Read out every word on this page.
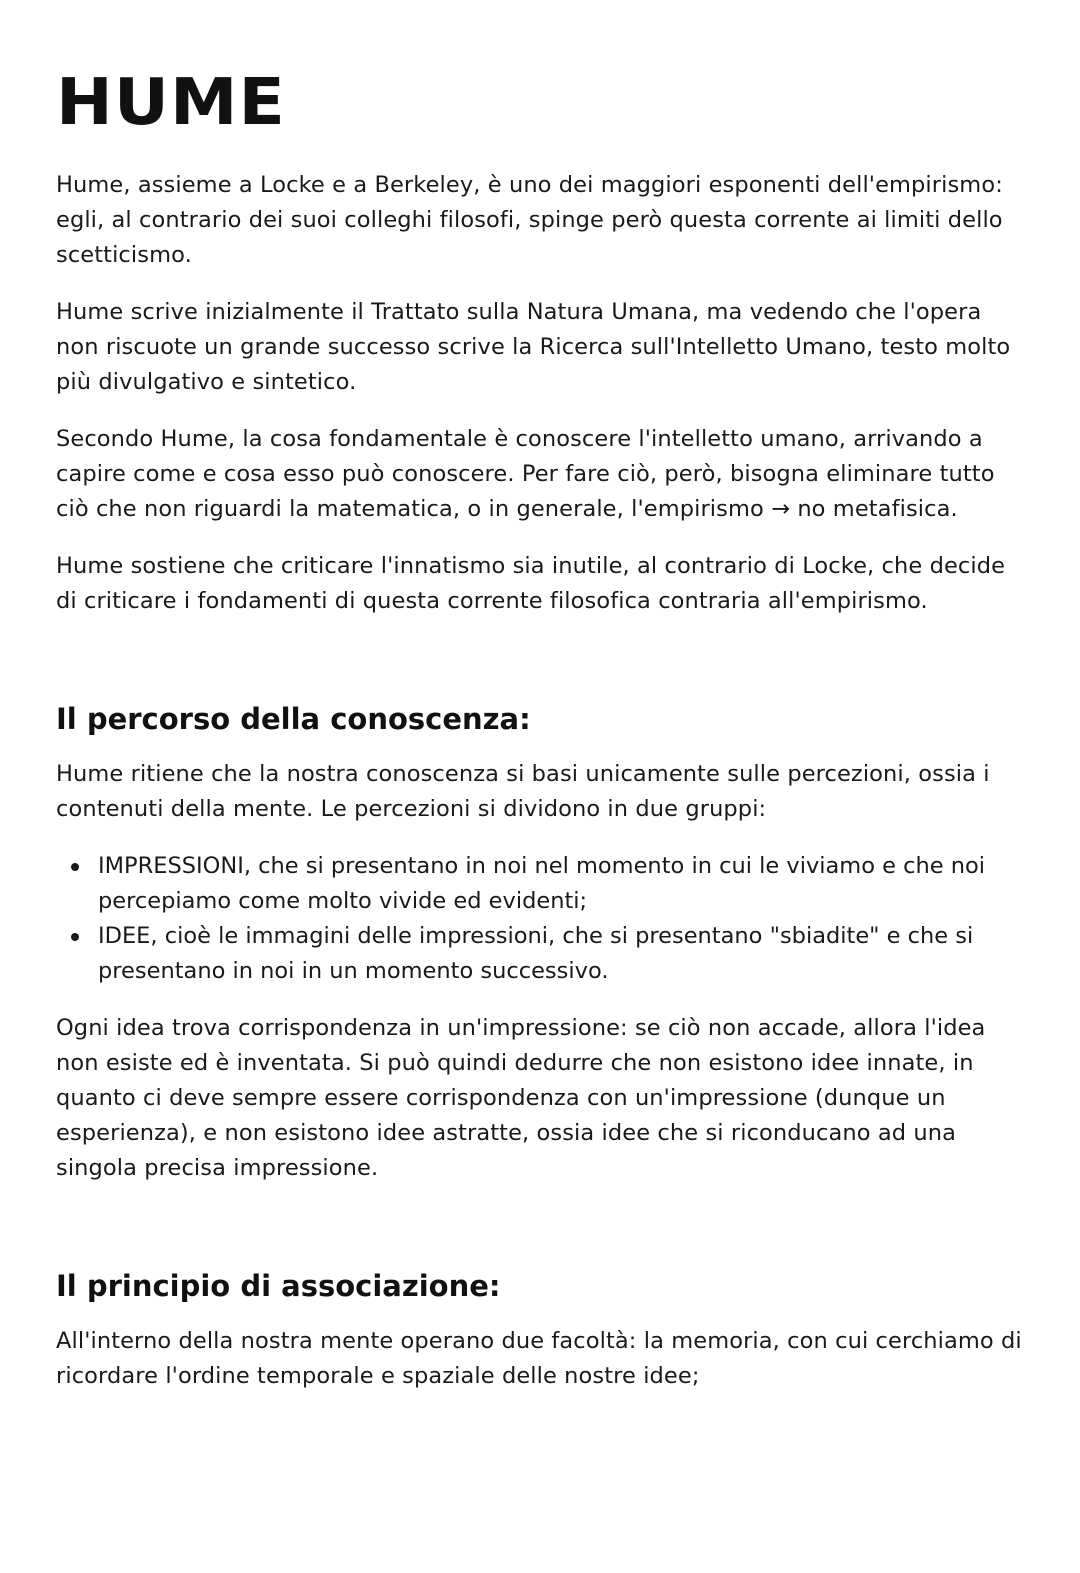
HUME

Hume, assieme a Locke e a Berkeley, è uno dei maggiori esponenti dell'empirismo: egli, al contrario dei suoi colleghi filosofi, spinge però questa corrente ai limiti dello scetticismo.

Hume scrive inizialmente il Trattato sulla Natura Umana, ma vedendo che l'opera non riscuote un grande successo scrive la Ricerca sull'Intelletto Umano, testo molto più divulgativo e sintetico.

Secondo Hume, la cosa fondamentale è conoscere l'intelletto umano, arrivando a capire come e cosa esso può conoscere. Per fare ciò, però, bisogna eliminare tutto ciò che non riguardi la matematica, o in generale, l'empirismo → no metafisica.

Hume sostiene che criticare l'innatismo sia inutile, al contrario di Locke, che decide di criticare i fondamenti di questa corrente filosofica contraria all'empirismo.

Il percorso della conoscenza:

Hume ritiene che la nostra conoscenza si basi unicamente sulle percezioni, ossia i contenuti della mente. Le percezioni si dividono in due gruppi:

IMPRESSIONI, che si presentano in noi nel momento in cui le viviamo e che noi percepiamo come molto vivide ed evidenti;
IDEE, cioè le immagini delle impressioni, che si presentano "sbiadite" e che si presentano in noi in un momento successivo.

Ogni idea trova corrispondenza in un'impressione: se ciò non accade, allora l'idea non esiste ed è inventata. Si può quindi dedurre che non esistono idee innate, in quanto ci deve sempre essere corrispondenza con un'impressione (dunque un esperienza), e non esistono idee astratte, ossia idee che si riconducano ad una singola precisa impressione.

Il principio di associazione:

All'interno della nostra mente operano due facoltà: la memoria, con cui cerchiamo di ricordare l'ordine temporale e spaziale delle nostre idee;
